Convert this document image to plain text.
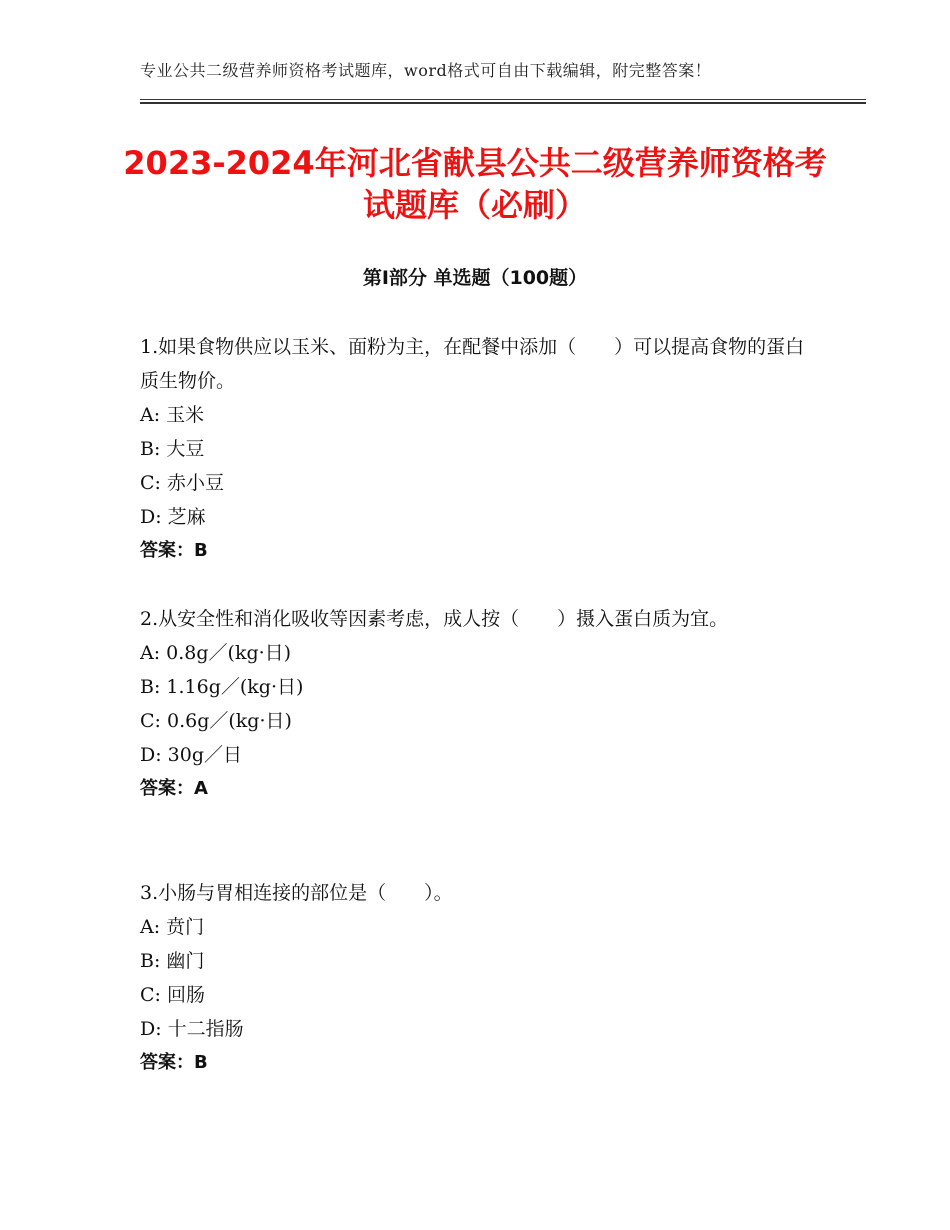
专业公共二级营养师资格考试题库，word格式可自由下载编辑，附完整答案！
2023-2024年河北省献县公共二级营养师资格考试题库（必刷）
第Ⅰ部分 单选题（100题）

1.如果食物供应以玉米、面粉为主，在配餐中添加（　　）可以提高食物的蛋白质生物价。

A: 玉米

B: 大豆

C: 赤小豆

D: 芝麻

答案：B

2.从安全性和消化吸收等因素考虑，成人按（　　）摄入蛋白质为宜。

A: 0.8g／(kg·日)

B: 1.16g／(kg·日)

C: 0.6g／(kg·日)

D: 30g／日

答案：A

3.小肠与胃相连接的部位是（　　）。

A: 贲门

B: 幽门

C: 回肠

D: 十二指肠

答案：B
